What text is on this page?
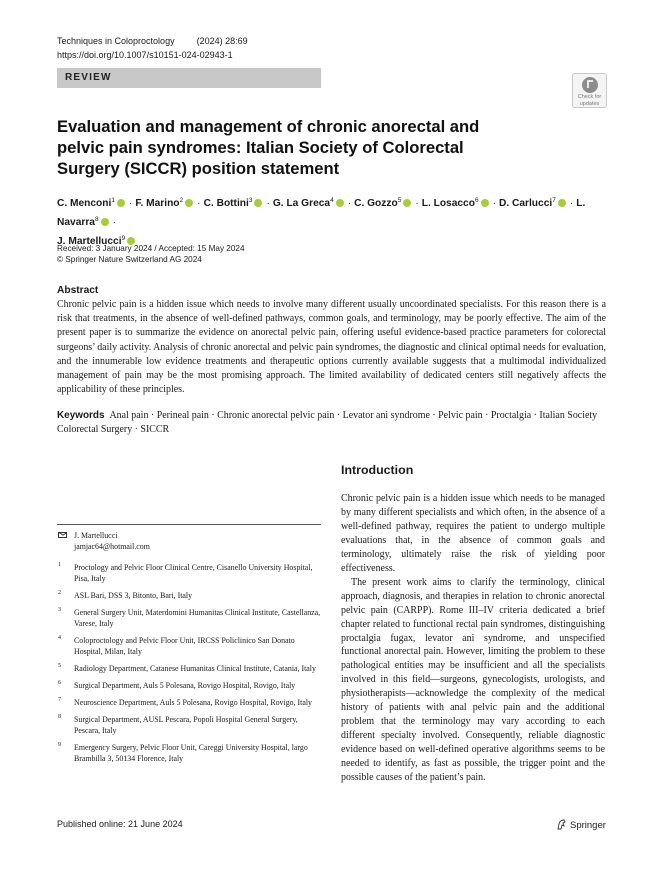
Techniques in Coloproctology (2024) 28:69
https://doi.org/10.1007/s10151-024-02943-1
REVIEW
Check for
updates
Evaluation and management of chronic anorectal and pelvic pain syndromes: Italian Society of Colorectal Surgery (SICCR) position statement
C. Menconi$^1$ · F. Marino$^2$ · C. Bottini$^3$ · G. La Greca$^4$ · C. Gozzo$^5$ · L. Losacco$^6$ · D. Carlucci$^7$ · L. Navarra$^8$ ·
J. Martellucci$^9$
Received: 3 January 2024 / Accepted: 15 May 2024
© Springer Nature Switzerland AG 2024
Abstract
Chronic pelvic pain is a hidden issue which needs to involve many different usually uncoordinated specialists. For this reason there is a risk that treatments, in the absence of well-defined pathways, common goals, and terminology, may be poorly effective. The aim of the present paper is to summarize the evidence on anorectal pelvic pain, offering useful evidence-based practice parameters for colorectal surgeons’ daily activity. Analysis of chronic anorectal and pelvic pain syndromes, the diagnostic and clinical optimal needs for evaluation, and the innumerable low evidence treatments and therapeutic options currently available suggests that a multimodal individualized management of pain may be the most promising approach. The limited availability of dedicated centers still negatively affects the applicability of these principles.
Keywords Anal pain · Perineal pain · Chronic anorectal pelvic pain · Levator ani syndrome · Pelvic pain · Proctalgia · Italian Society Colorectal Surgery · SICCR
Introduction

Chronic pelvic pain is a hidden issue which needs to be managed by many different specialists and which often, in the absence of a well-defined pathway, requires the patient to undergo multiple evaluations that, in the absence of common goals and terminology, ultimately raise the risk of yielding poor effectiveness.

The present work aims to clarify the terminology, clinical approach, diagnosis, and therapies in relation to chronic anorectal pelvic pain (CARPP). Rome III–IV criteria dedicated a brief chapter related to functional rectal pain syndromes, distinguishing proctalgia fugax, levator ani syndrome, and unspecified functional anorectal pain. However, limiting the problem to these pathological entities may be insufficient and all the specialists involved in this field—surgeons, gynecologists, urologists, and physiotherapists—acknowledge the complexity of the medical history of patients with anal pelvic pain and the additional problem that the terminology may vary according to each different specialty involved. Consequently, reliable diagnostic evidence based on well-defined operative algorithms seems to be needed to identify, as fast as possible, the trigger point and the possible causes of the patient’s pain.

J. Martellucci
jamjac64@hotmail.com
1 Proctology and Pelvic Floor Clinical Centre, Cisanello University Hospital, Pisa, Italy
2 ASL Bari, DSS 3, Bitonto, Bari, Italy
3 General Surgery Unit, Materdomini Humanitas Clinical Institute, Castellanza, Varese, Italy
4 Coloproctology and Pelvic Floor Unit, IRCSS Policlinico San Donato Hospital, Milan, Italy
5 Radiology Department, Catanese Humanitas Clinical Institute, Catania, Italy
6 Surgical Department, Auls 5 Polesana, Rovigo Hospital, Rovigo, Italy
7 Neuroscience Department, Auls 5 Polesana, Rovigo Hospital, Rovigo, Italy
8 Surgical Department, AUSL Pescara, Popoli Hospital General Surgery, Pescara, Italy
9 Emergency Surgery, Pelvic Floor Unit, Careggi University Hospital, largo Brambilla 3, 50134 Florence, Italy
Published online: 21 June 2024	Springer
